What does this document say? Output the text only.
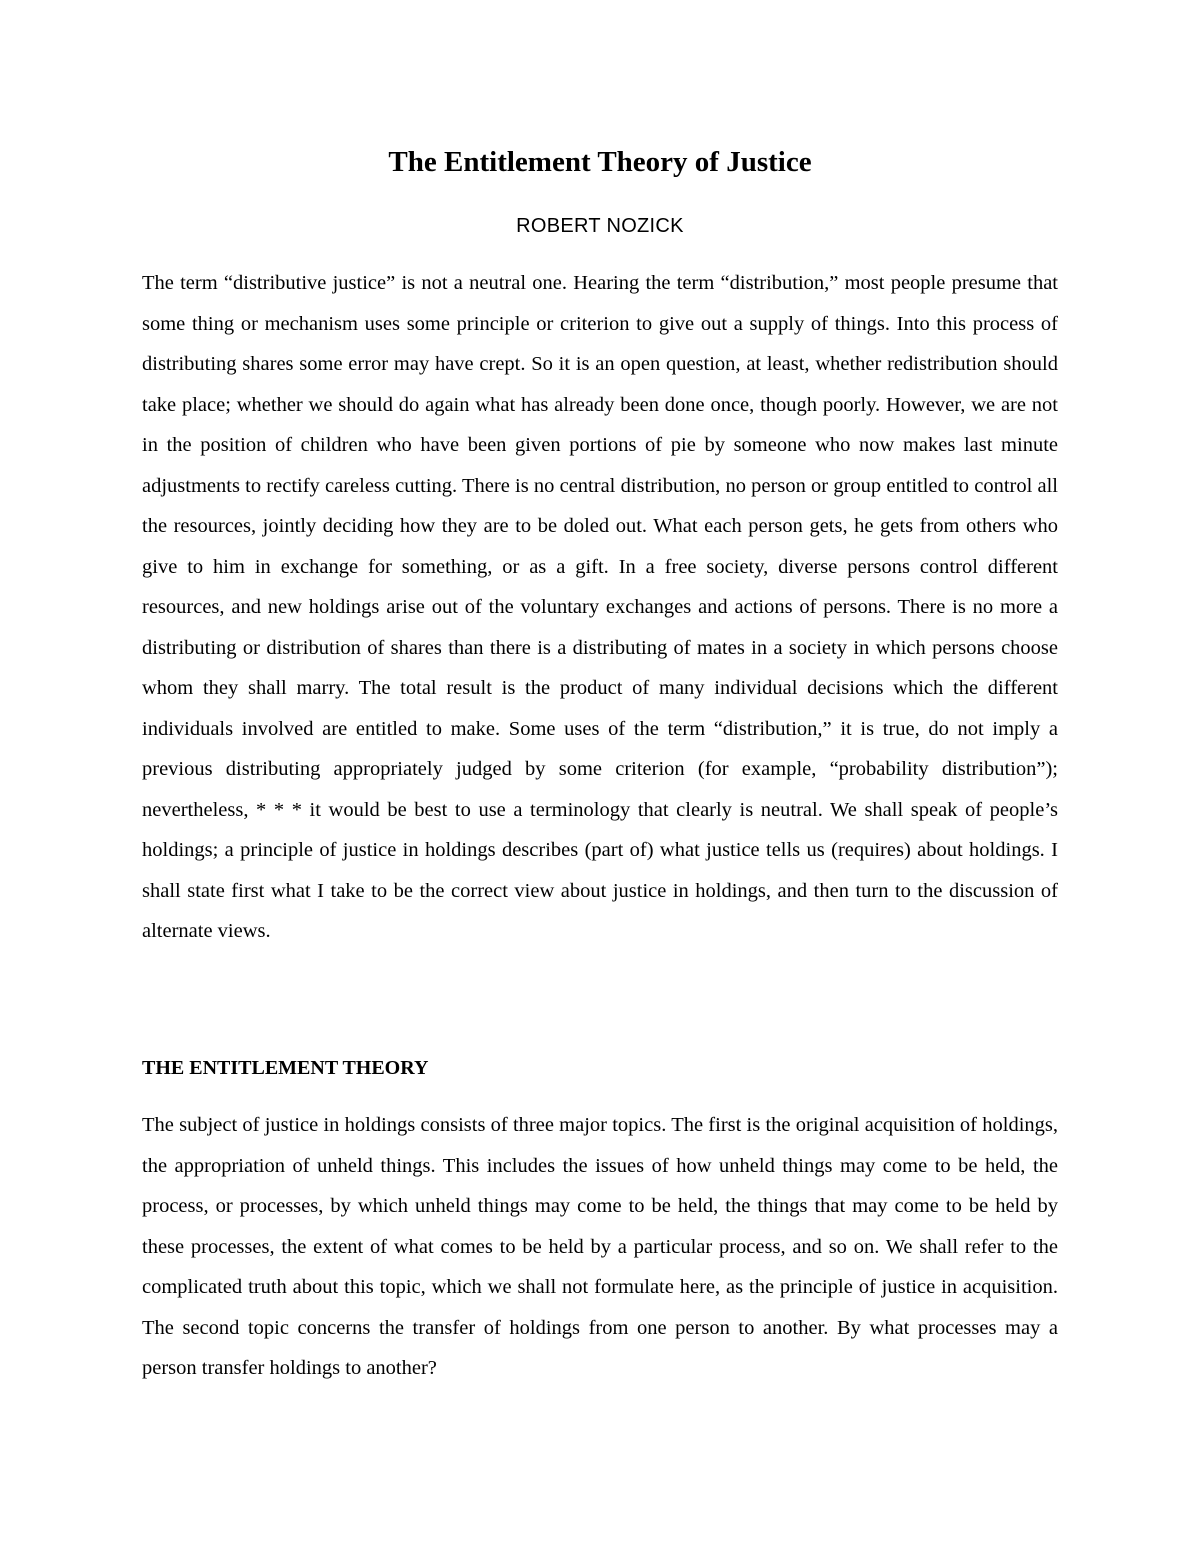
The Entitlement Theory of Justice
ROBERT NOZICK

The term “distributive justice” is not a neutral one. Hearing the term “distribution,” most people presume that some thing or mechanism uses some principle or criterion to give out a supply of things. Into this process of distributing shares some error may have crept. So it is an open question, at least, whether redistribution should take place; whether we should do again what has already been done once, though poorly. However, we are not in the position of children who have been given portions of pie by someone who now makes last minute adjustments to rectify careless cutting. There is no central distribution, no person or group entitled to control all the resources, jointly deciding how they are to be doled out. What each person gets, he gets from others who give to him in exchange for something, or as a gift. In a free society, diverse persons control different resources, and new holdings arise out of the voluntary exchanges and actions of persons. There is no more a distributing or distribution of shares than there is a distributing of mates in a society in which persons choose whom they shall marry. The total result is the product of many individual decisions which the different individuals involved are entitled to make. Some uses of the term “distribution,” it is true, do not imply a previous distributing appropriately judged by some criterion (for example, “probability distribution”); nevertheless, * * * it would be best to use a terminology that clearly is neutral. We shall speak of people’s holdings; a principle of justice in holdings describes (part of) what justice tells us (requires) about holdings. I shall state first what I take to be the correct view about justice in holdings, and then turn to the discussion of alternate views.

THE ENTITLEMENT THEORY

The subject of justice in holdings consists of three major topics. The first is the original acquisition of holdings, the appropriation of unheld things. This includes the issues of how unheld things may come to be held, the process, or processes, by which unheld things may come to be held, the things that may come to be held by these processes, the extent of what comes to be held by a particular process, and so on. We shall refer to the complicated truth about this topic, which we shall not formulate here, as the principle of justice in acquisition. The second topic concerns the transfer of holdings from one person to another. By what processes may a person transfer holdings to another?
